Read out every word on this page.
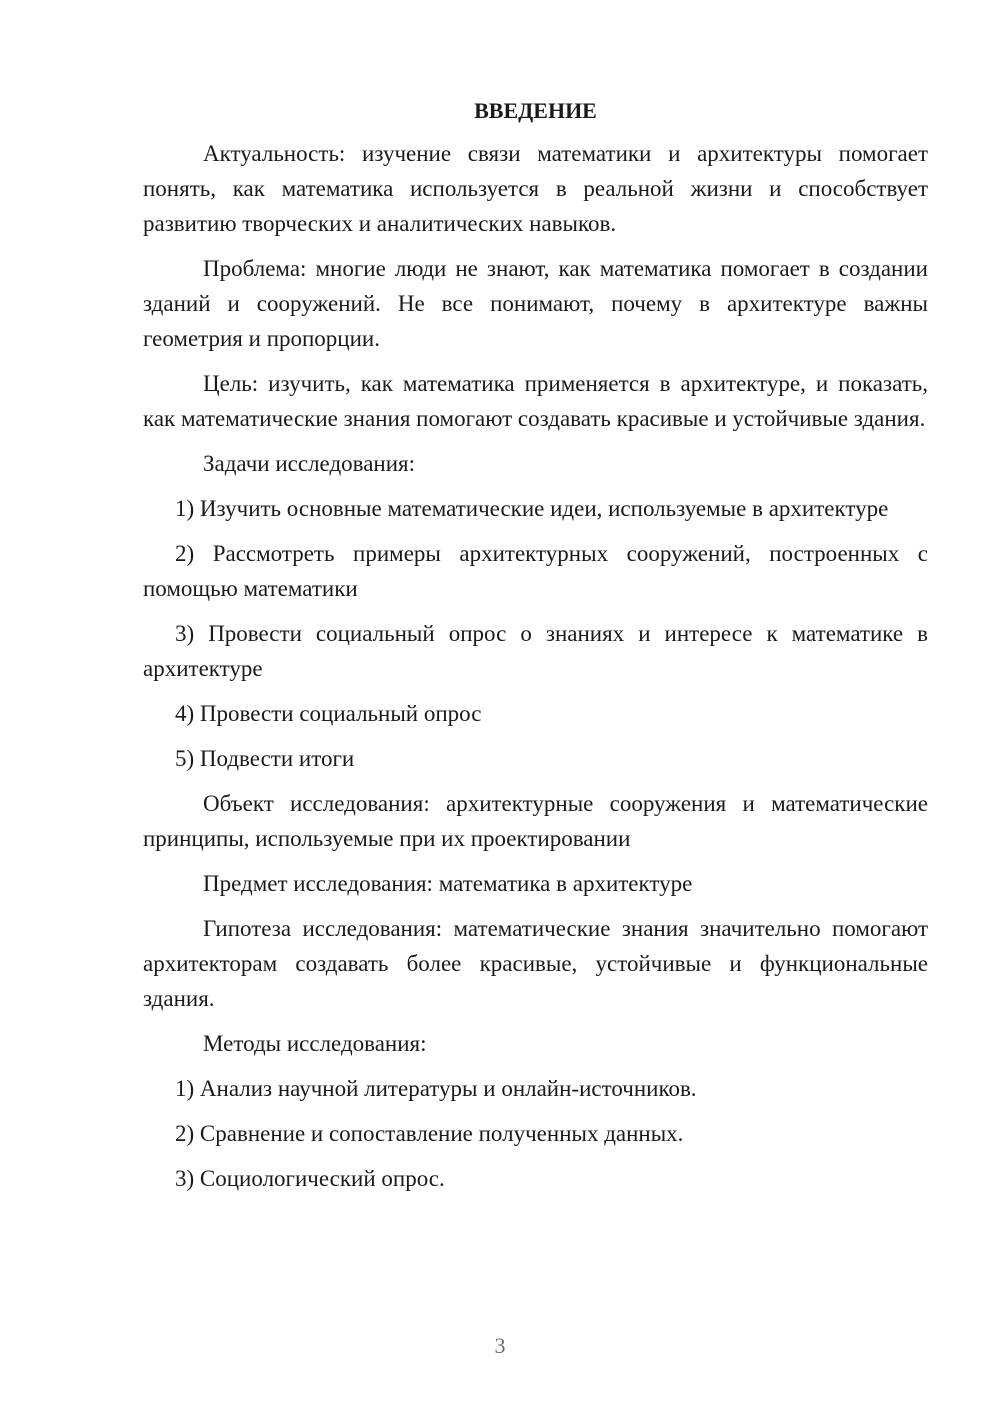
ВВЕДЕНИЕ

Актуальность: изучение связи математики и архитектуры помогает понять, как математика используется в реальной жизни и способствует развитию творческих и аналитических навыков.

Проблема: многие люди не знают, как математика помогает в создании зданий и сооружений. Не все понимают, почему в архитектуре важны геометрия и пропорции.

Цель: изучить, как математика применяется в архитектуре, и показать, как математические знания помогают создавать красивые и устойчивые здания.

Задачи исследования:

1) Изучить основные математические идеи, используемые в архитектуре

2) Рассмотреть примеры архитектурных сооружений, построенных с помощью математики

3) Провести социальный опрос о знаниях и интересе к математике в архитектуре

4) Провести социальный опрос

5) Подвести итоги

Объект исследования: архитектурные сооружения и математические принципы, используемые при их проектировании

Предмет исследования: математика в архитектуре

Гипотеза исследования: математические знания значительно помогают архитекторам создавать более красивые, устойчивые и функциональные здания.

Методы исследования:

1) Анализ научной литературы и онлайн-источников.

2) Сравнение и сопоставление полученных данных.

3) Социологический опрос.

3
